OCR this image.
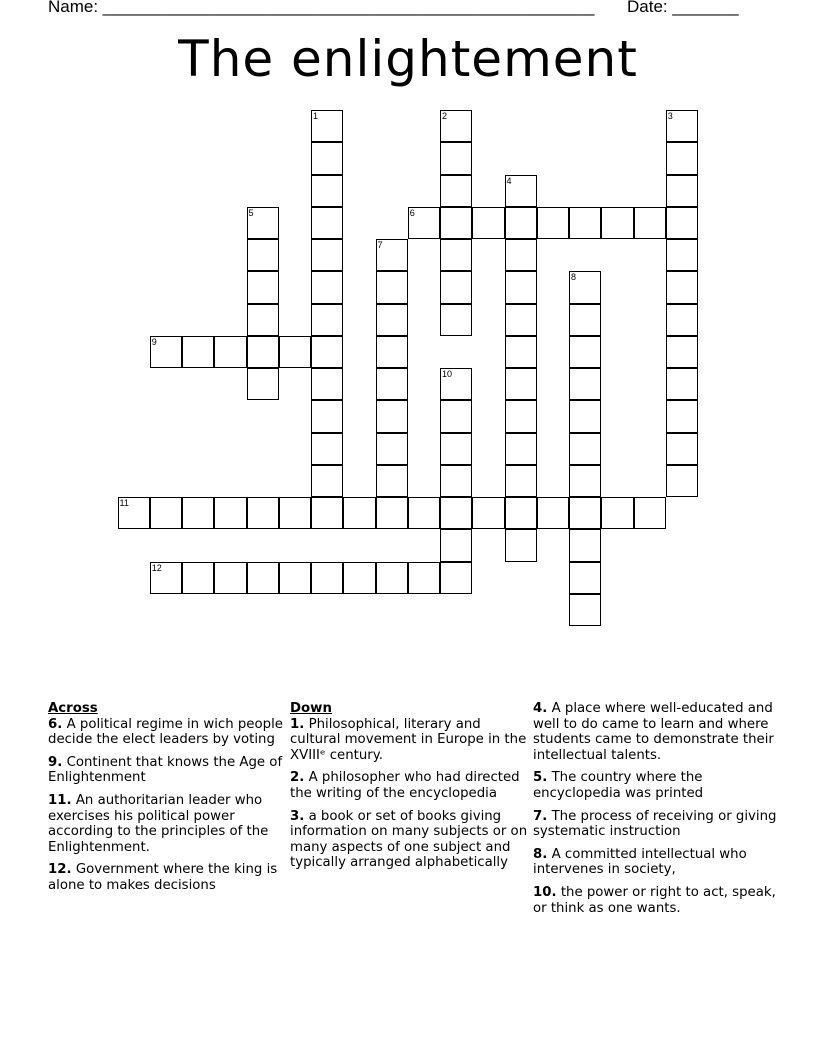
Name: ____________________________________________________ Date: _______
The enlightement
1	2	3
4
5	6
7
8
9
10
11
12
Across
6. A political regime in wich people decide the elect leaders by voting
9. Continent that knows the Age of Enlightenment
11. An authoritarian leader who exercises his political power according to the principles of the Enlightenment.
12. Government where the king is alone to makes decisions
Down
1. Philosophical, literary and cultural movement in Europe in the XVIIIᵉ century.
2. A philosopher who had directed the writing of the encyclopedia
3. a book or set of books giving information on many subjects or on many aspects of one subject and typically arranged alphabetically
4. A place where well-educated and well to do came to learn and where students came to demonstrate their intellectual talents.
5. The country where the encyclopedia was printed
7. The process of receiving or giving systematic instruction
8. A committed intellectual who intervenes in society,
10. the power or right to act, speak, or think as one wants.
